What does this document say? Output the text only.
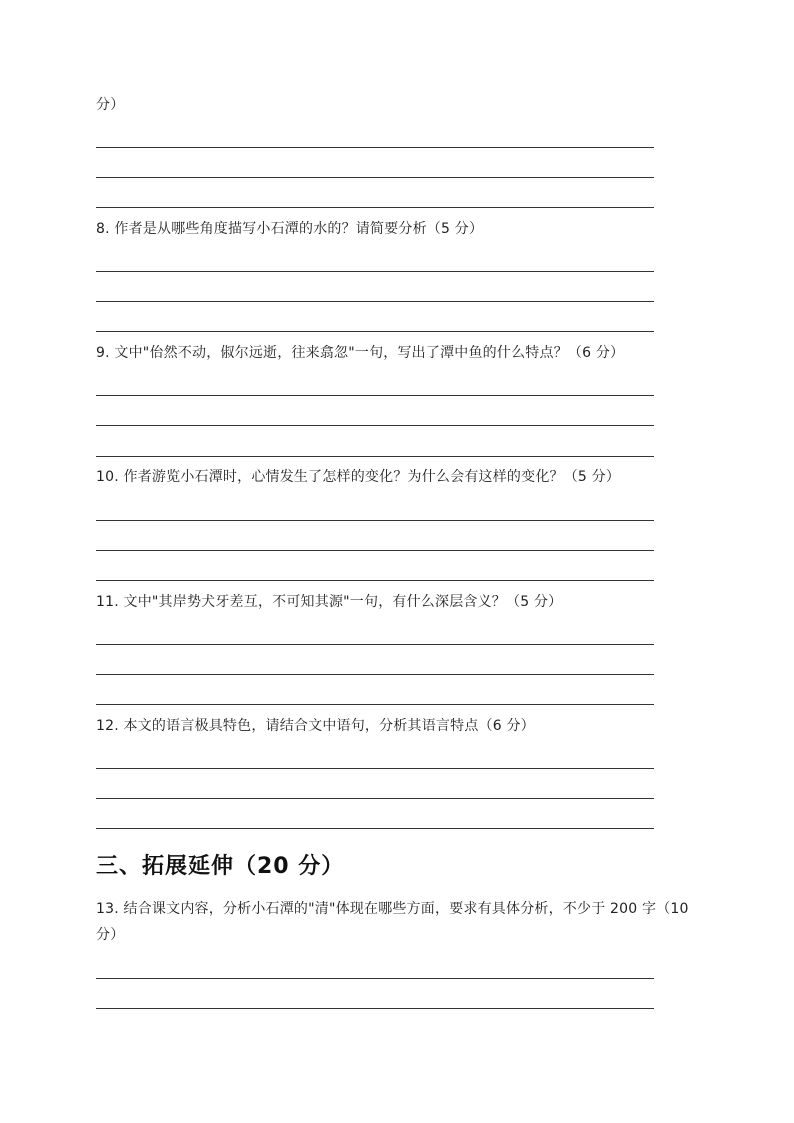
分）
8. 作者是从哪些角度描写小石潭的水的？请简要分析（5 分）
9. 文中"佁然不动，俶尔远逝，往来翕忽"一句，写出了潭中鱼的什么特点？（6 分）
10. 作者游览小石潭时，心情发生了怎样的变化？为什么会有这样的变化？（5 分）
11. 文中"其岸势犬牙差互，不可知其源"一句，有什么深层含义？（5 分）
12. 本文的语言极具特色，请结合文中语句，分析其语言特点（6 分）
三、拓展延伸（20 分）
13. 结合课文内容，分析小石潭的"清"体现在哪些方面，要求有具体分析，不少于 200 字（10 分）
